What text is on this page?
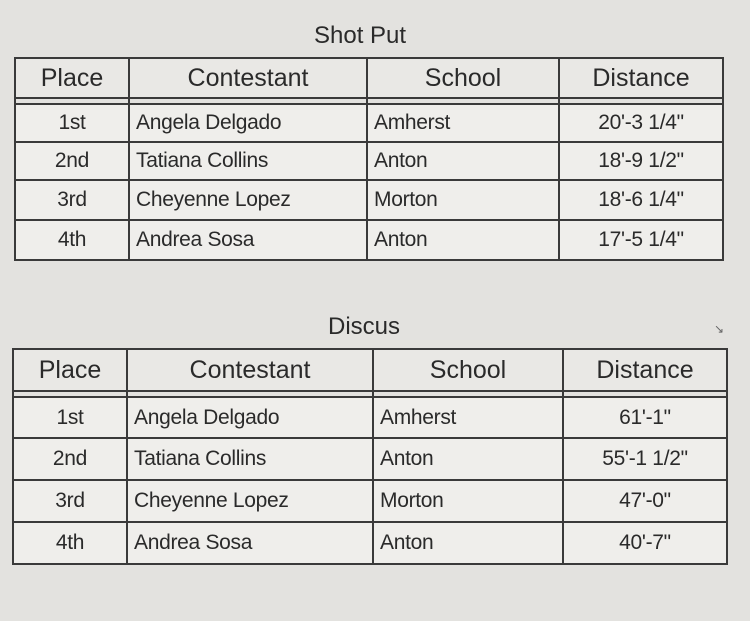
Shot Put
Place	Contestant	School	Distance

1st	Angela Delgado	Amherst	20'-3 1/4"
2nd	Tatiana Collins	Anton	18'-9 1/2"
3rd	Cheyenne Lopez	Morton	18'-6 1/4"
4th	Andrea Sosa	Anton	17'-5 1/4"
Discus	↘
Place	Contestant	School	Distance

1st	Angela Delgado	Amherst	61'-1"
2nd	Tatiana Collins	Anton	55'-1 1/2"
3rd	Cheyenne Lopez	Morton	47'-0"
4th	Andrea Sosa	Anton	40'-7"
